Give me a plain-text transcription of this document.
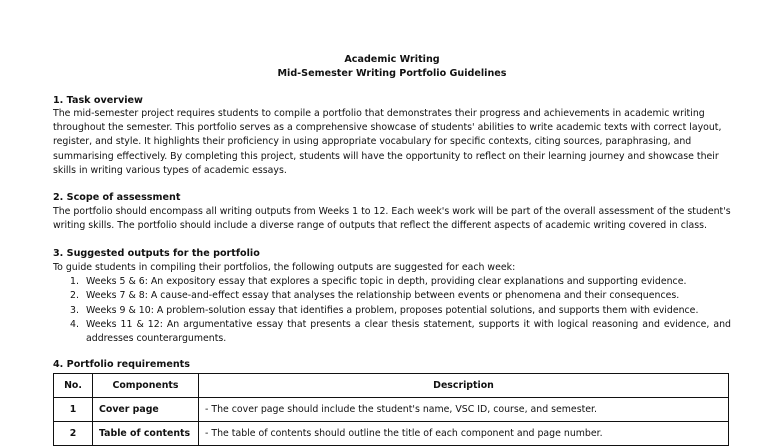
Academic Writing
Mid-Semester Writing Portfolio Guidelines
1. Task overview
The mid-semester project requires students to compile a portfolio that demonstrates their progress and achievements in academic writing throughout the semester. This portfolio serves as a comprehensive showcase of students' abilities to write academic texts with correct layout, register, and style. It highlights their proficiency in using appropriate vocabulary for specific contexts, citing sources, paraphrasing, and summarising effectively. By completing this project, students will have the opportunity to reflect on their learning journey and showcase their skills in writing various types of academic essays.
2. Scope of assessment
The portfolio should encompass all writing outputs from Weeks 1 to 12. Each week's work will be part of the overall assessment of the student's writing skills. The portfolio should include a diverse range of outputs that reflect the different aspects of academic writing covered in class.
3. Suggested outputs for the portfolio
To guide students in compiling their portfolios, the following outputs are suggested for each week:
1. Weeks 5 & 6: An expository essay that explores a specific topic in depth, providing clear explanations and supporting evidence.
2. Weeks 7 & 8: A cause-and-effect essay that analyses the relationship between events or phenomena and their consequences.
3. Weeks 9 & 10: A problem-solution essay that identifies a problem, proposes potential solutions, and supports them with evidence.
4. Weeks 11 & 12: An argumentative essay that presents a clear thesis statement, supports it with logical reasoning and evidence, and addresses counterarguments.
4. Portfolio requirements
No.	Components	Description
1	Cover page	- The cover page should include the student's name, VSC ID, course, and semester.
2	Table of contents	- The table of contents should outline the title of each component and page number.
